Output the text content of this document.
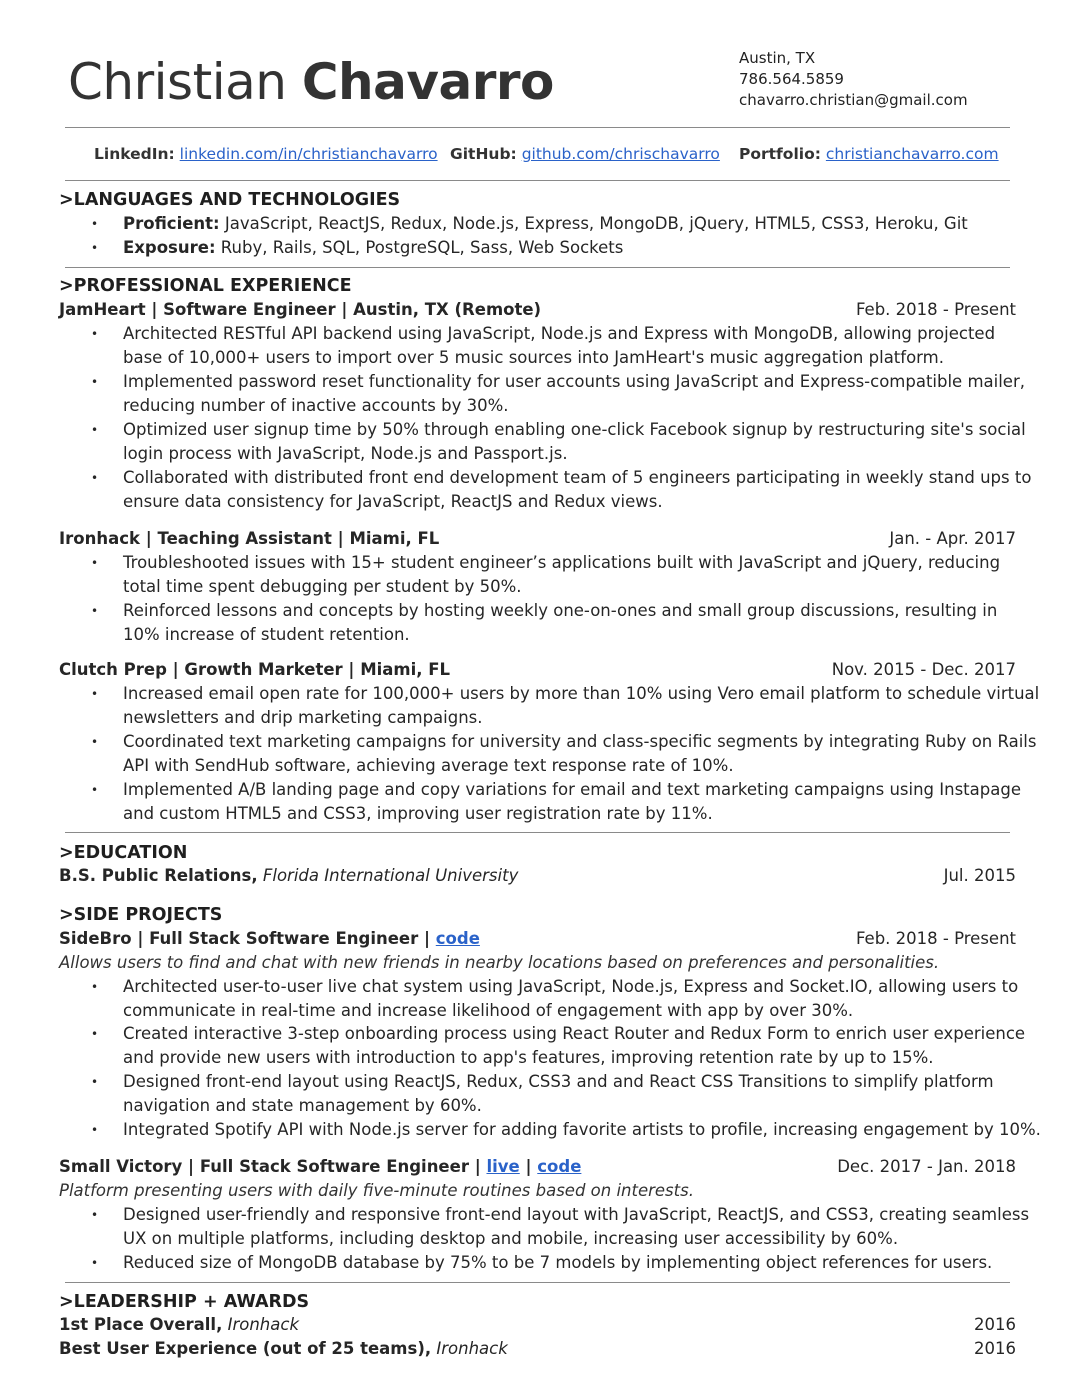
Christian Chavarro	Austin, TX
786.564.5859
chavarro.christian@gmail.com
LinkedIn: linkedin.com/in/christianchavarro GitHub: github.com/chrischavarro Portfolio: christianchavarro.com
>LANGUAGES AND TECHNOLOGIES
• Proficient: JavaScript, ReactJS, Redux, Node.js, Express, MongoDB, jQuery, HTML5, CSS3, Heroku, Git
• Exposure: Ruby, Rails, SQL, PostgreSQL, Sass, Web Sockets
>PROFESSIONAL EXPERIENCE
JamHeart | Software Engineer | Austin, TX (Remote)	Feb. 2018 - Present
• Architected RESTful API backend using JavaScript, Node.js and Express with MongoDB, allowing projected
base of 10,000+ users to import over 5 music sources into JamHeart's music aggregation platform.
• Implemented password reset functionality for user accounts using JavaScript and Express-compatible mailer,
reducing number of inactive accounts by 30%.
• Optimized user signup time by 50% through enabling one-click Facebook signup by restructuring site's social
login process with JavaScript, Node.js and Passport.js.
• Collaborated with distributed front end development team of 5 engineers participating in weekly stand ups to
ensure data consistency for JavaScript, ReactJS and Redux views.
Ironhack | Teaching Assistant | Miami, FL	Jan. - Apr. 2017
• Troubleshooted issues with 15+ student engineer’s applications built with JavaScript and jQuery, reducing
total time spent debugging per student by 50%.
• Reinforced lessons and concepts by hosting weekly one-on-ones and small group discussions, resulting in
10% increase of student retention.
Clutch Prep | Growth Marketer | Miami, FL	Nov. 2015 - Dec. 2017
• Increased email open rate for 100,000+ users by more than 10% using Vero email platform to schedule virtual
newsletters and drip marketing campaigns.
• Coordinated text marketing campaigns for university and class-specific segments by integrating Ruby on Rails
API with SendHub software, achieving average text response rate of 10%.
• Implemented A/B landing page and copy variations for email and text marketing campaigns using Instapage
and custom HTML5 and CSS3, improving user registration rate by 11%.
>EDUCATION
B.S. Public Relations, Florida International University	Jul. 2015
>SIDE PROJECTS
SideBro | Full Stack Software Engineer | code	Feb. 2018 - Present
Allows users to find and chat with new friends in nearby locations based on preferences and personalities.
• Architected user-to-user live chat system using JavaScript, Node.js, Express and Socket.IO, allowing users to
communicate in real-time and increase likelihood of engagement with app by over 30%.
• Created interactive 3-step onboarding process using React Router and Redux Form to enrich user experience
and provide new users with introduction to app's features, improving retention rate by up to 15%.
• Designed front-end layout using ReactJS, Redux, CSS3 and and React CSS Transitions to simplify platform
navigation and state management by 60%.
• Integrated Spotify API with Node.js server for adding favorite artists to profile, increasing engagement by 10%.
Small Victory | Full Stack Software Engineer | live | code	Dec. 2017 - Jan. 2018
Platform presenting users with daily five-minute routines based on interests.
• Designed user-friendly and responsive front-end layout with JavaScript, ReactJS, and CSS3, creating seamless
UX on multiple platforms, including desktop and mobile, increasing user accessibility by 60%.
• Reduced size of MongoDB database by 75% to be 7 models by implementing object references for users.
>LEADERSHIP + AWARDS
1st Place Overall, Ironhack	2016
Best User Experience (out of 25 teams), Ironhack	2016
